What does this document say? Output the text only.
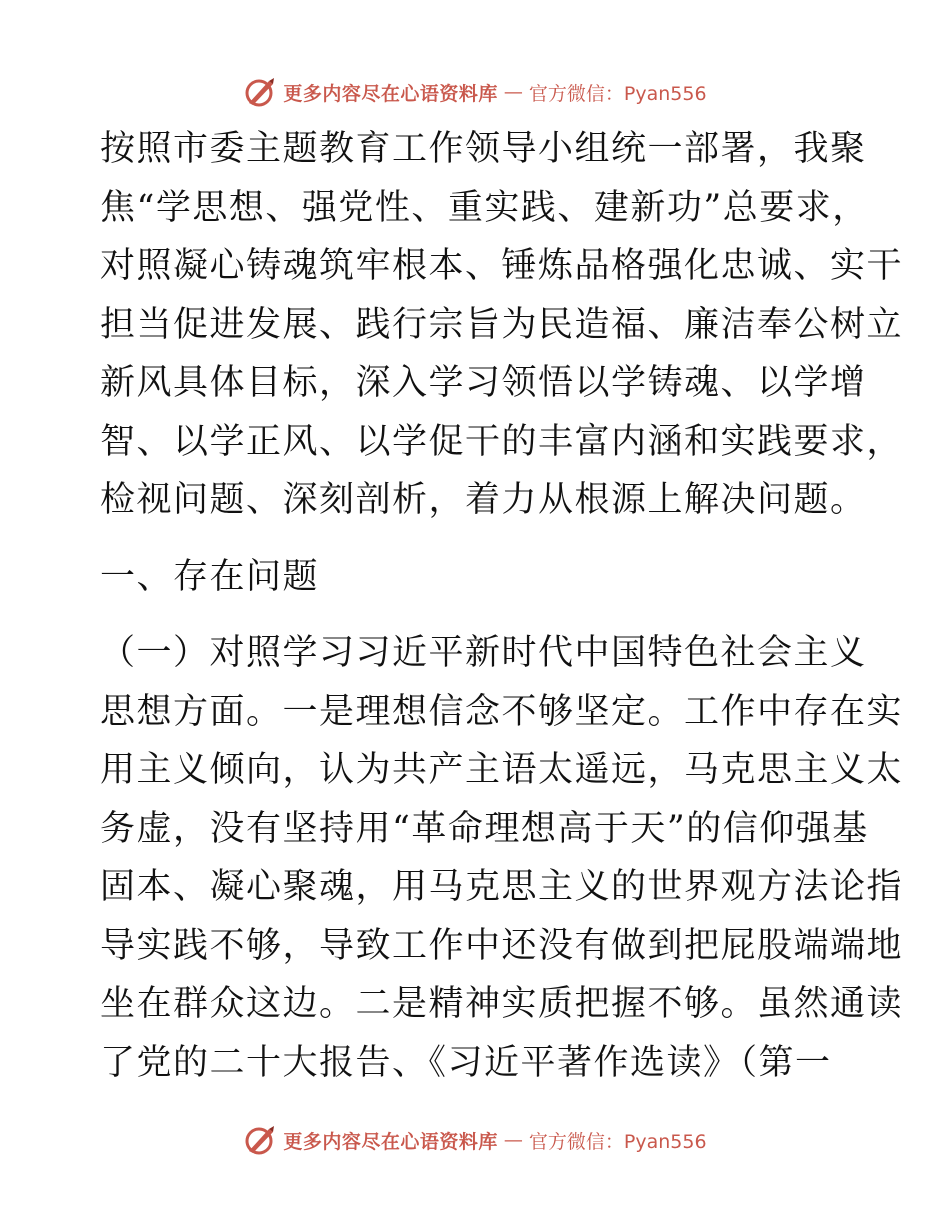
更多内容尽在心语资料库 — 官方微信：Pyan556
按照市委主题教育工作领导小组统一部署，我聚
焦“学思想、强党性、重实践、建新功”总要求，
对照凝心铸魂筑牢根本、锤炼品格强化忠诚、实干
担当促进发展、践行宗旨为民造福、廉洁奉公树立
新风具体目标，深入学习领悟以学铸魂、以学增
智、以学正风、以学促干的丰富内涵和实践要求，
检视问题、深刻剖析，着力从根源上解决问题。
一、存在问题
（一）对照学习习近平新时代中国特色社会主义
思想方面。一是理想信念不够坚定。工作中存在实
用主义倾向，认为共产主语太遥远，马克思主义太
务虚，没有坚持用“革命理想高于天”的信仰强基
固本、凝心聚魂，用马克思主义的世界观方法论指
导实践不够，导致工作中还没有做到把屁股端端地
坐在群众这边。二是精神实质把握不够。虽然通读
了党的二十大报告、《习近平著作选读》（第一
更多内容尽在心语资料库 — 官方微信：Pyan556
